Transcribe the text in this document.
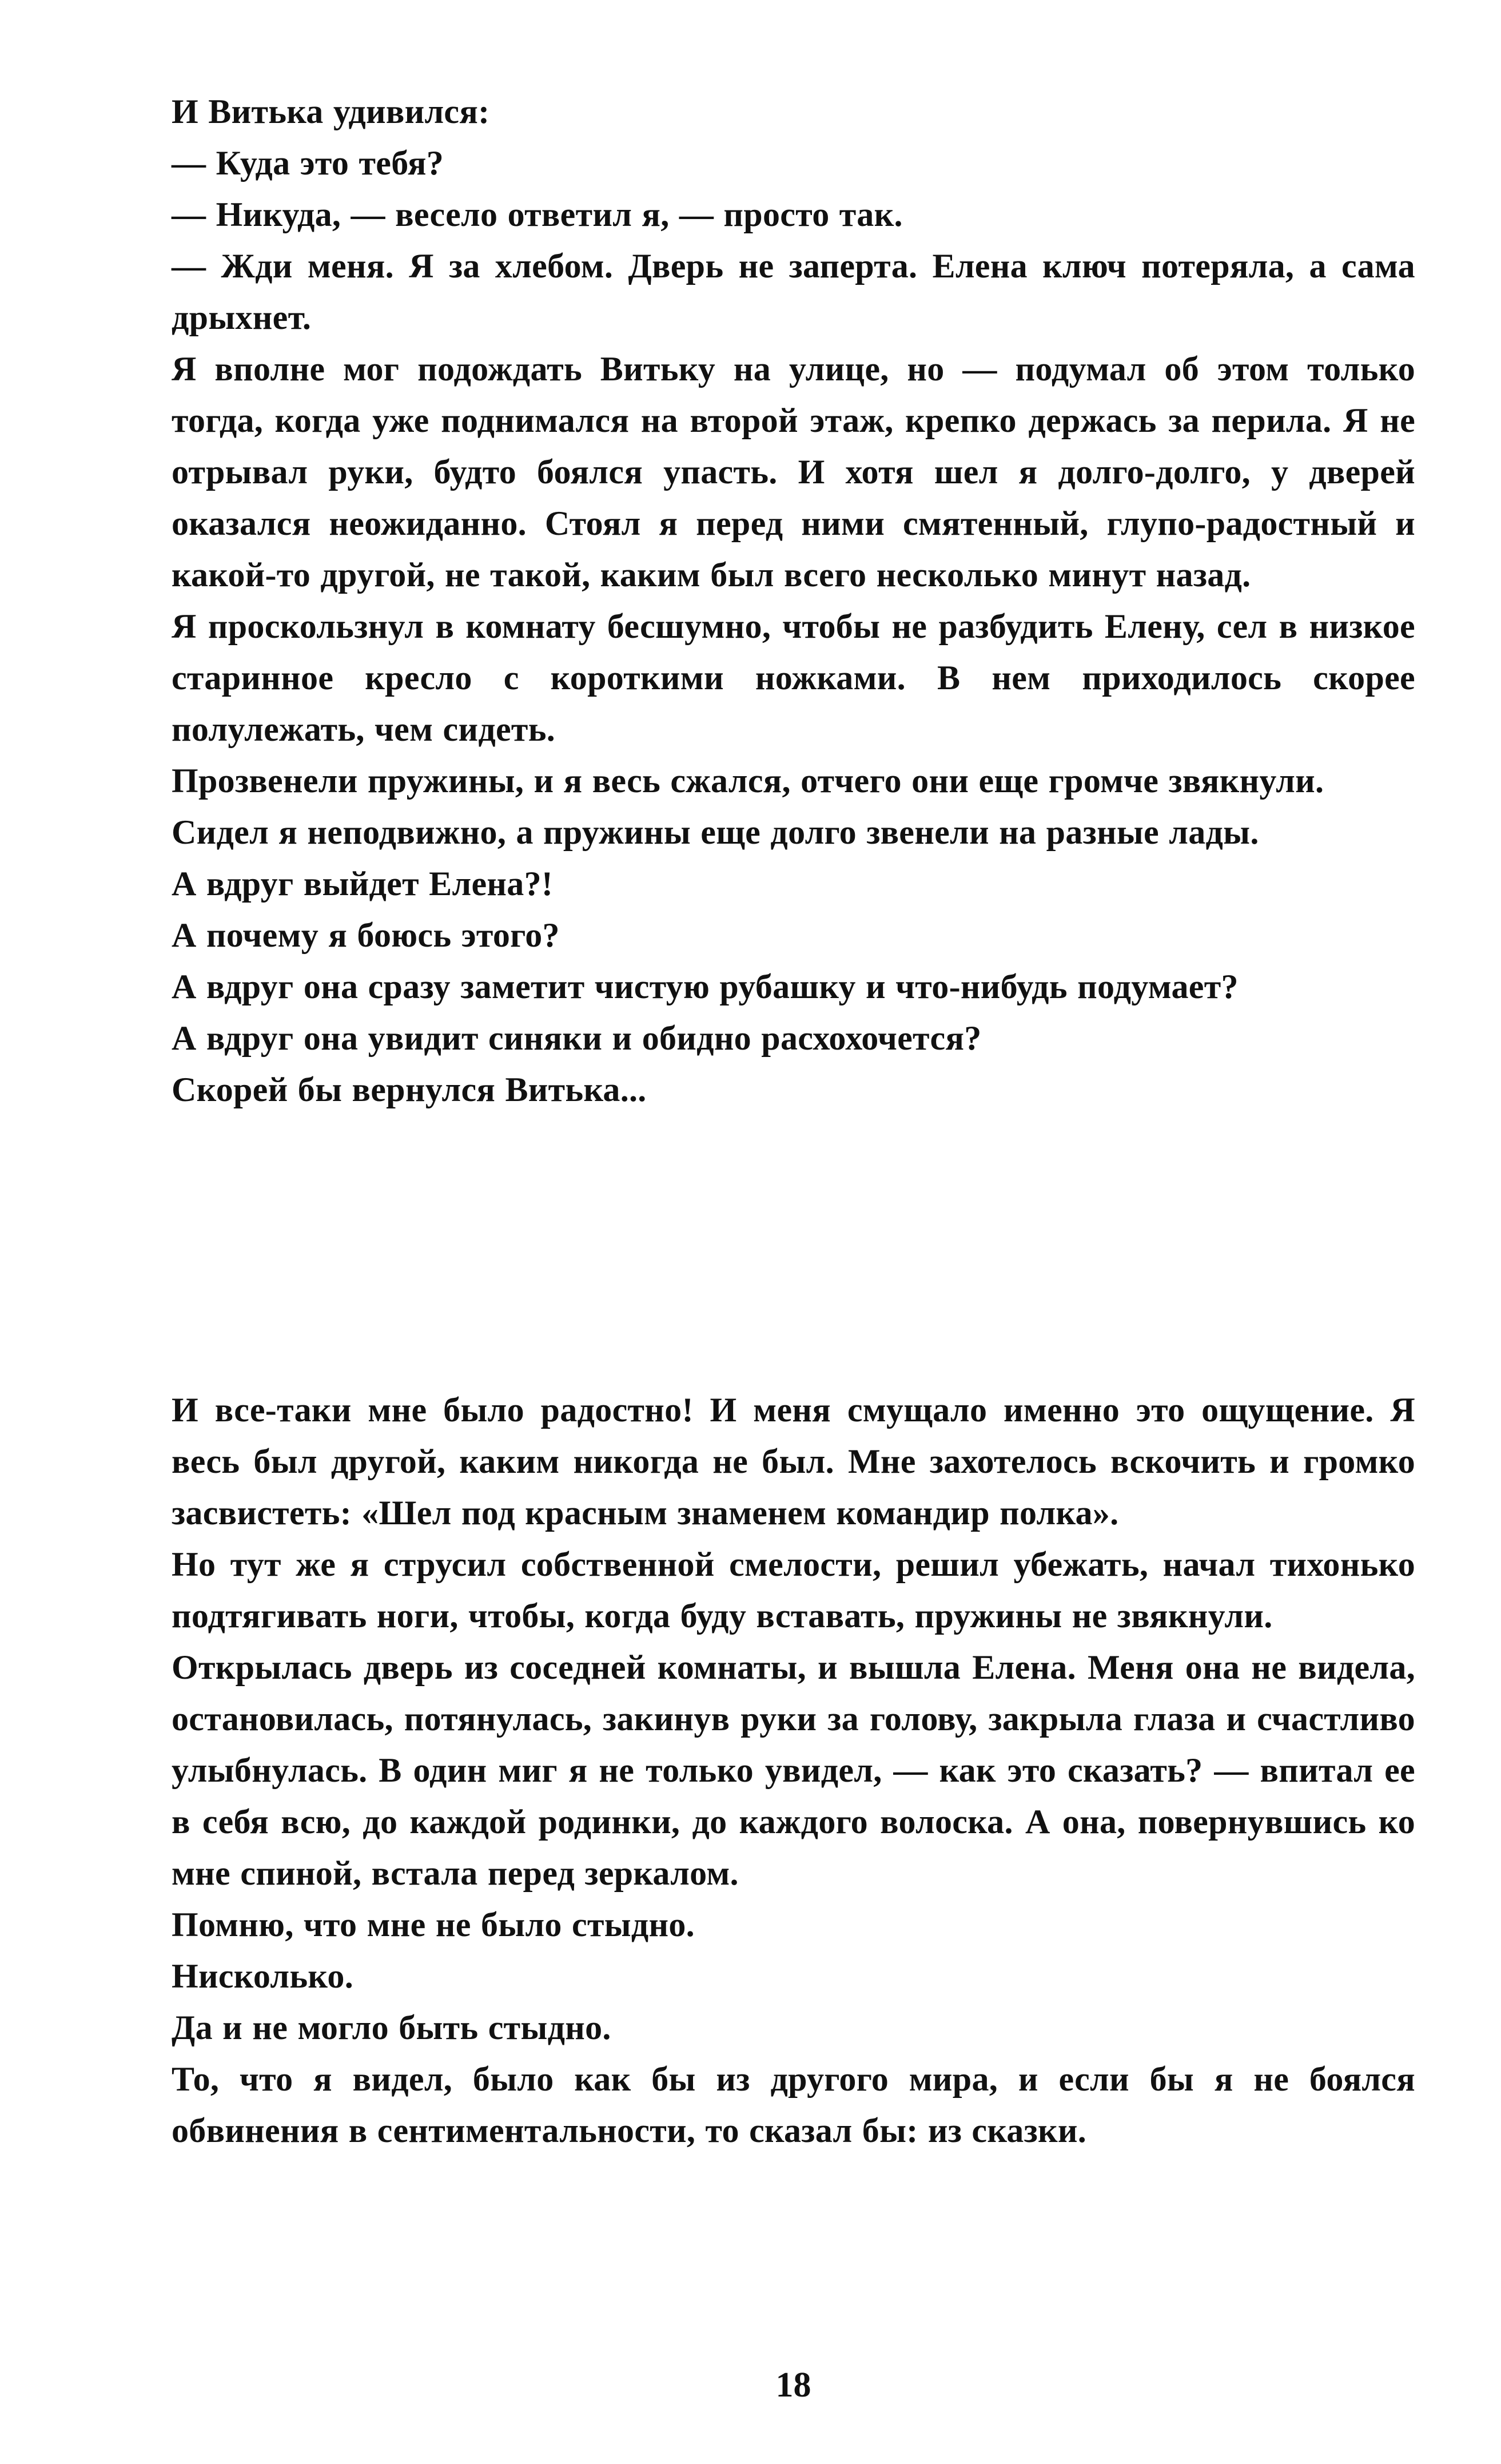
И Витька удивился:

— Куда это тебя?

— Никуда, — весело ответил я, — просто так.

— Жди меня. Я за хлебом. Дверь не заперта. Елена ключ потеряла, а сама дрыхнет.

Я вполне мог подождать Витьку на улице, но — подумал об этом только тогда, когда уже поднимался на второй этаж, крепко держась за перила. Я не отрывал руки, будто боялся упасть. И хотя шел я долго-долго, у дверей оказался неожиданно. Стоял я перед ними смятенный, глупо-радостный и какой-то другой, не такой, каким был всего несколько минут назад.

Я проскользнул в комнату бесшумно, чтобы не разбудить Елену, сел в низкое старинное кресло с короткими ножками. В нем приходилось скорее полулежать, чем сидеть.

Прозвенели пружины, и я весь сжался, отчего они еще громче звякнули.

Сидел я неподвижно, а пружины еще долго звенели на разные лады.

А вдруг выйдет Елена?!

А почему я боюсь этого?

А вдруг она сразу заметит чистую рубашку и что-нибудь подумает?

А вдруг она увидит синяки и обидно расхохочется?

Скорей бы вернулся Витька...

И все-таки мне было радостно! И меня смущало именно это ощущение. Я весь был другой, каким никогда не был. Мне захотелось вскочить и громко засвистеть: «Шел под красным знаменем командир полка».

Но тут же я струсил собственной смелости, решил убежать, начал тихонько подтягивать ноги, чтобы, когда буду вставать, пружины не звякнули.

Открылась дверь из соседней комнаты, и вышла Елена. Меня она не видела, остановилась, потянулась, закинув руки за голову, закрыла глаза и счастливо улыбнулась. В один миг я не только увидел, — как это сказать? — впитал ее в себя всю, до каждой родинки, до каждого волоска. А она, повернувшись ко мне спиной, встала перед зеркалом.

Помню, что мне не было стыдно.

Нисколько.

Да и не могло быть стыдно.

То, что я видел, было как бы из другого мира, и если бы я не боялся обвинения в сентиментальности, то сказал бы: из сказки.

18
